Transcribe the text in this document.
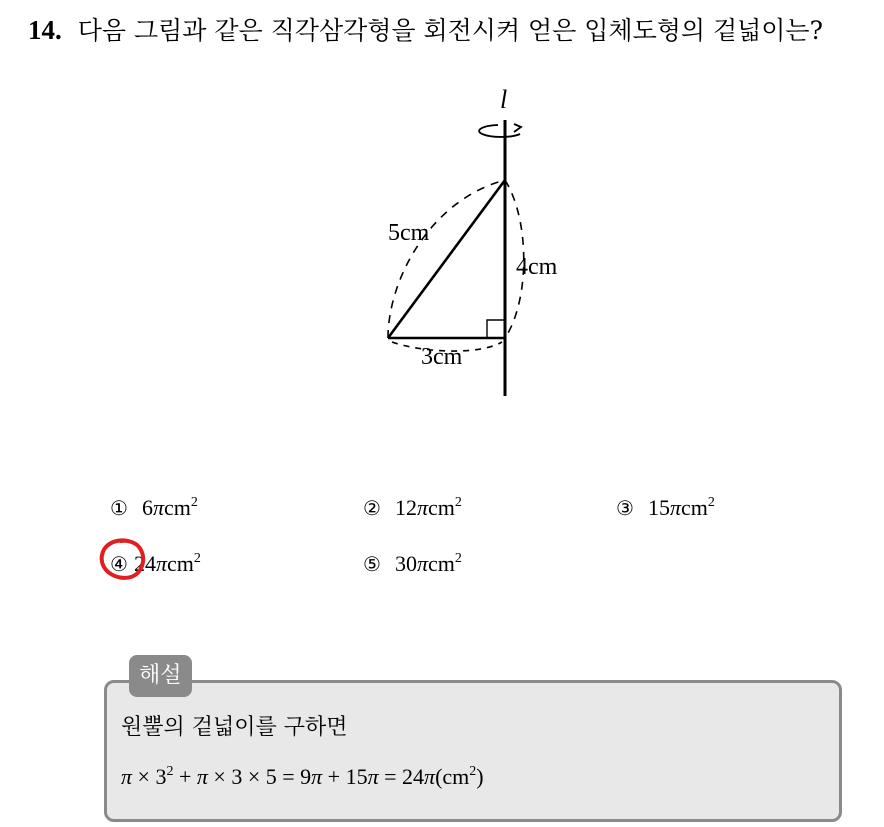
14. 다음 그림과 같은 직각삼각형을 회전시켜 얻은 입체도형의 겉넓이는?
l
5cm
4cm
3cm
① 6πcm$^2$	② 12πcm$^2$	③ 15πcm$^2$
④ 24πcm$^2$	⑤ 30πcm$^2$
해설
원뿔의 겉넓이를 구하면
$\pi \times 3^2 + \pi \times 3 \times 5 = 9\pi + 15\pi = 24\pi(cm^2)$
